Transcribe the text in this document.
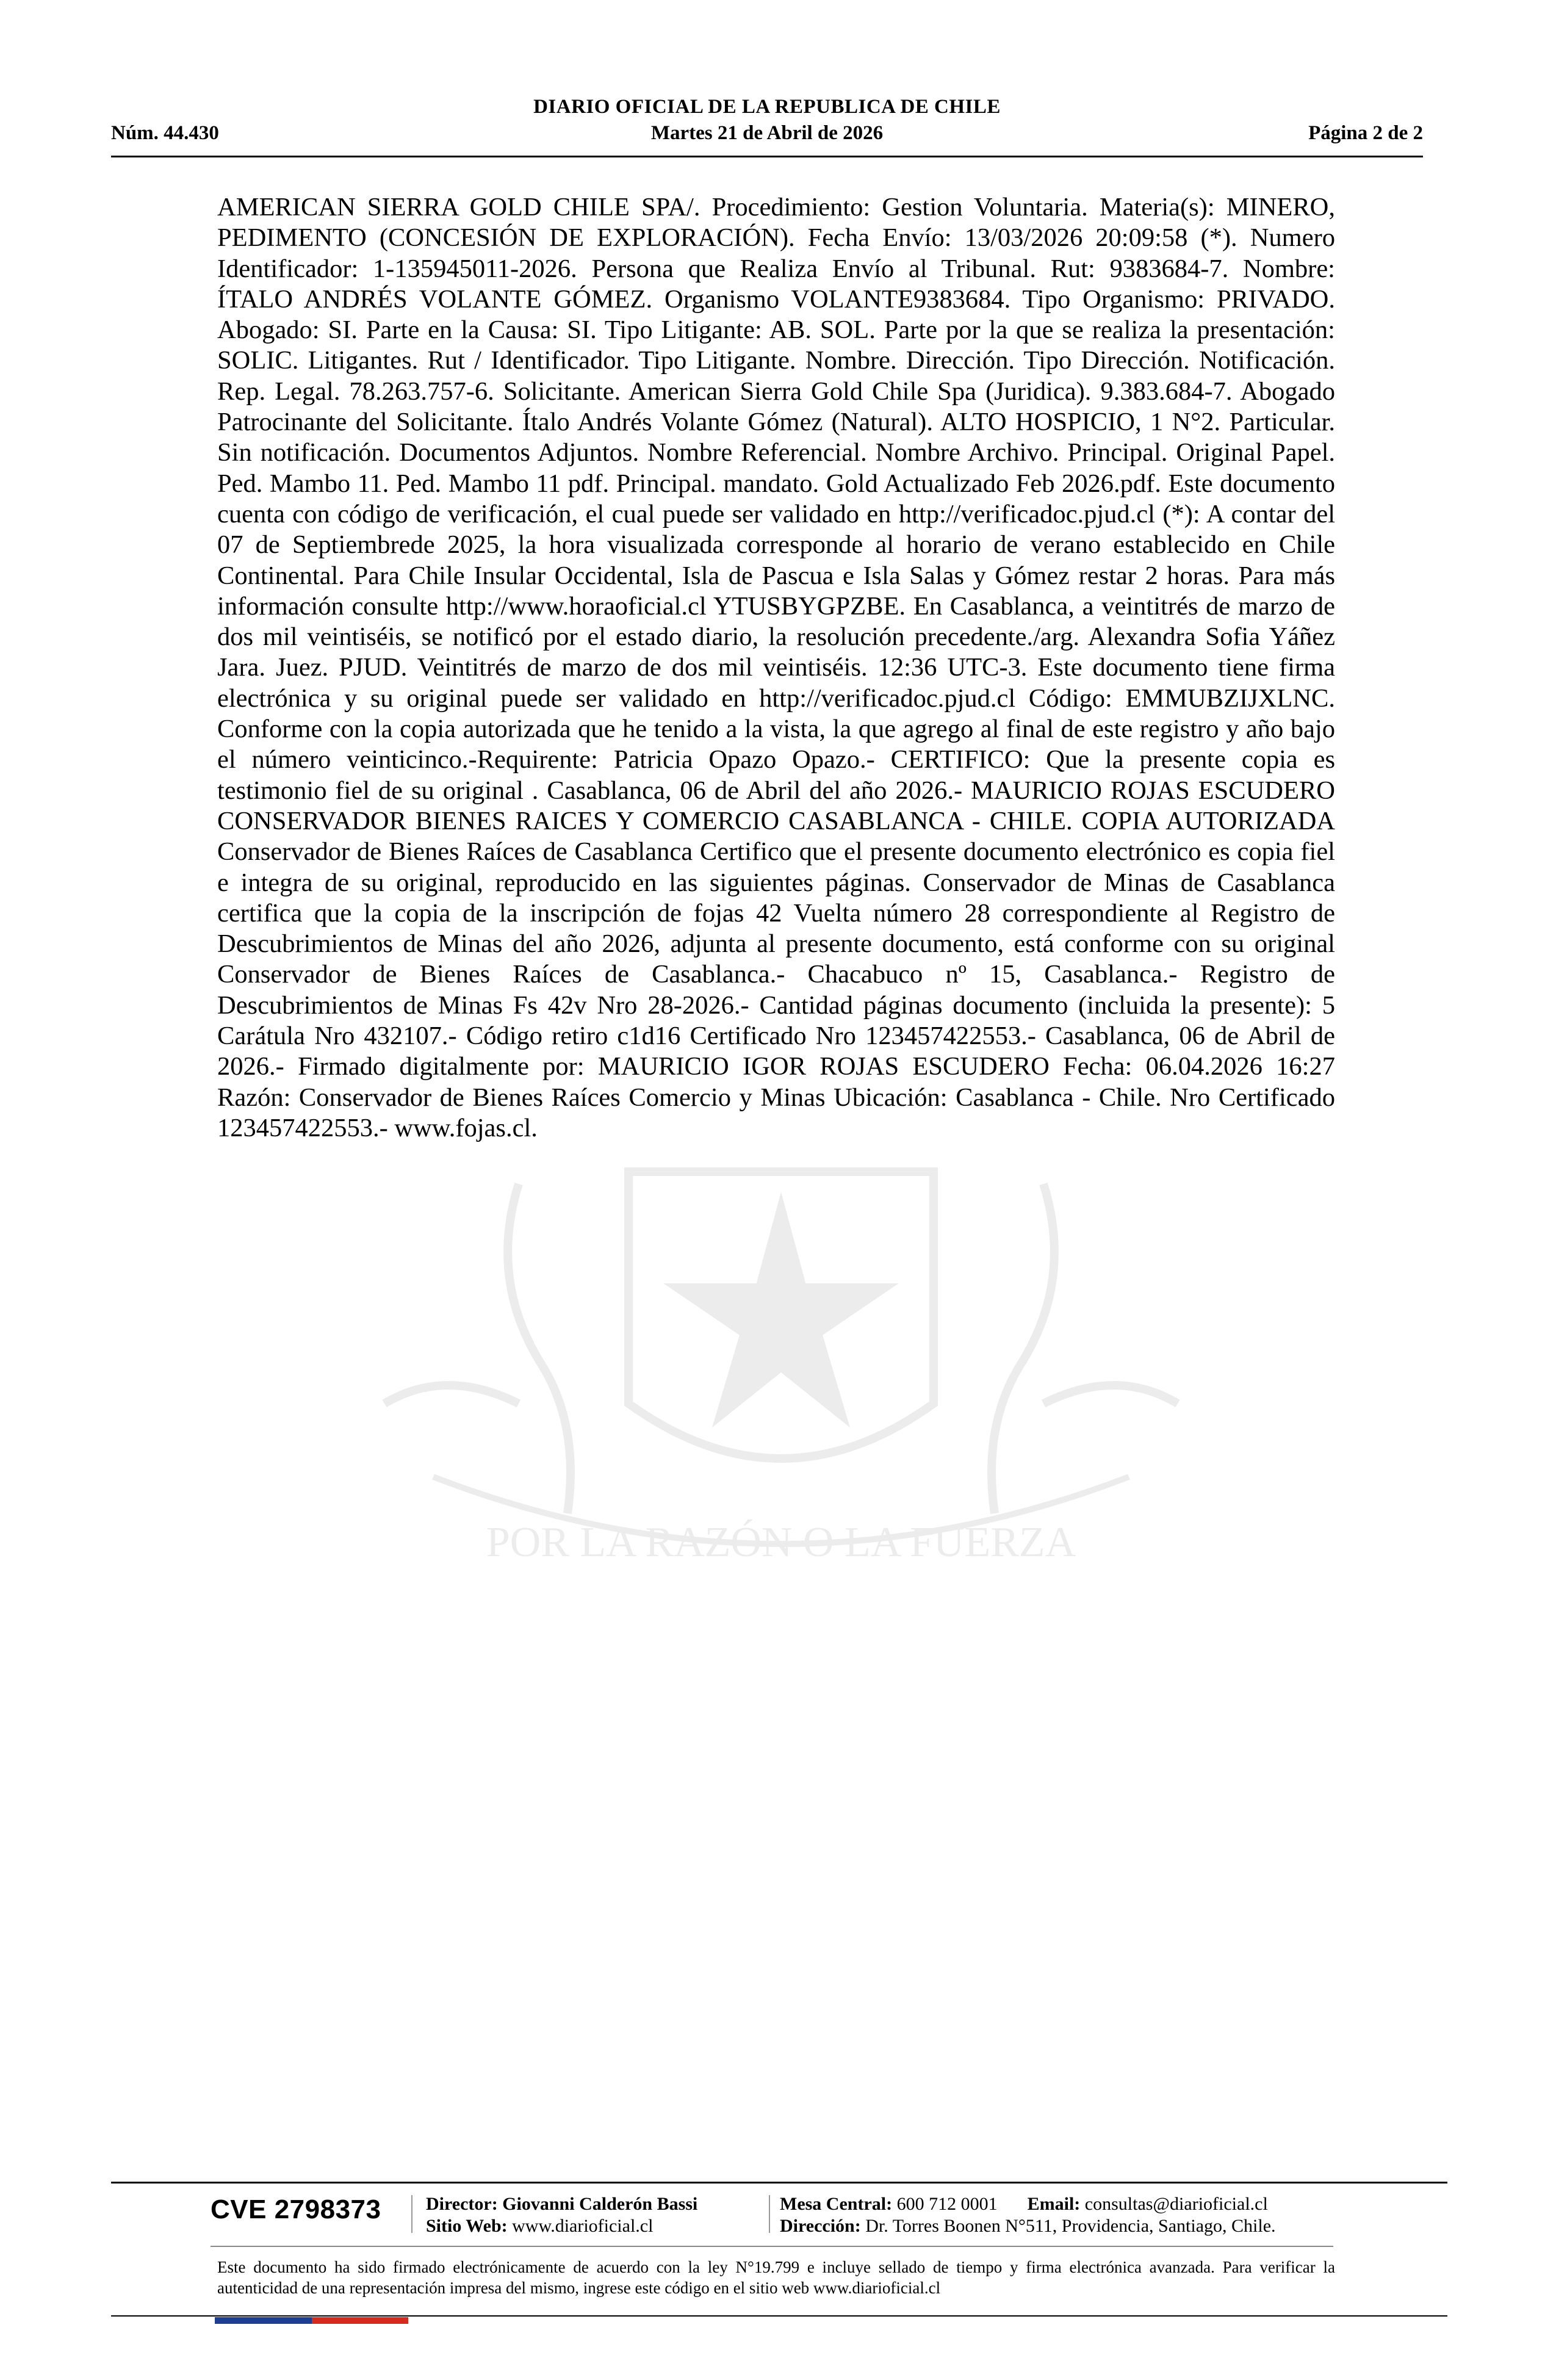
DIARIO OFICIAL DE LA REPUBLICA DE CHILE
Núm. 44.430	Martes 21 de Abril de 2026	Página 2 de 2
POR LA RAZÓN O LA FUERZA
AMERICAN SIERRA GOLD CHILE SPA/. Procedimiento: Gestion Voluntaria. Materia(s): MINERO, PEDIMENTO (CONCESIÓN DE EXPLORACIÓN). Fecha Envío: 13/03/2026 20:09:58 (*). Numero Identificador: 1-135945011-2026. Persona que Realiza Envío al Tribunal. Rut: 9383684-7. Nombre: ÍTALO ANDRÉS VOLANTE GÓMEZ. Organismo VOLANTE9383684. Tipo Organismo: PRIVADO. Abogado: SI. Parte en la Causa: SI. Tipo Litigante: AB. SOL. Parte por la que se realiza la presentación: SOLIC. Litigantes. Rut / Identificador. Tipo Litigante. Nombre. Dirección. Tipo Dirección. Notificación. Rep. Legal. 78.263.757-6. Solicitante. American Sierra Gold Chile Spa (Juridica). 9.383.684-7. Abogado Patrocinante del Solicitante. Ítalo Andrés Volante Gómez (Natural). ALTO HOSPICIO, 1 N°2. Particular. Sin notificación. Documentos Adjuntos. Nombre Referencial. Nombre Archivo. Principal. Original Papel. Ped. Mambo 11. Ped. Mambo 11 pdf. Principal. mandato. Gold Actualizado Feb 2026.pdf. Este documento cuenta con código de verificación, el cual puede ser validado en http://verificadoc.pjud.cl (*): A contar del 07 de Septiembrede 2025, la hora visualizada corresponde al horario de verano establecido en Chile Continental. Para Chile Insular Occidental, Isla de Pascua e Isla Salas y Gómez restar 2 horas. Para más información consulte http://www.horaoficial.cl YTUSBYGPZBE. En Casablanca, a veintitrés de marzo de dos mil veintiséis, se notificó por el estado diario, la resolución precedente./arg. Alexandra Sofia Yáñez Jara. Juez. PJUD. Veintitrés de marzo de dos mil veintiséis. 12:36 UTC-3. Este documento tiene firma electrónica y su original puede ser validado en http://verificadoc.pjud.cl Código: EMMUBZIJXLNC. Conforme con la copia autorizada que he tenido a la vista, la que agrego al final de este registro y año bajo el número veinticinco.-Requirente: Patricia Opazo Opazo.- CERTIFICO: Que la presente copia es testimonio fiel de su original . Casablanca, 06 de Abril del año 2026.- MAURICIO ROJAS ESCUDERO CONSERVADOR BIENES RAICES Y COMERCIO CASABLANCA - CHILE. COPIA AUTORIZADA Conservador de Bienes Raíces de Casablanca Certifico que el presente documento electrónico es copia fiel e integra de su original, reproducido en las siguientes páginas. Conservador de Minas de Casablanca certifica que la copia de la inscripción de fojas 42 Vuelta número 28 correspondiente al Registro de Descubrimientos de Minas del año 2026, adjunta al presente documento, está conforme con su original Conservador de Bienes Raíces de Casablanca.- Chacabuco nº 15, Casablanca.- Registro de Descubrimientos de Minas Fs 42v Nro 28-2026.- Cantidad páginas documento (incluida la presente): 5 Carátula Nro 432107.- Código retiro c1d16 Certificado Nro 123457422553.- Casablanca, 06 de Abril de 2026.- Firmado digitalmente por: MAURICIO IGOR ROJAS ESCUDERO Fecha: 06.04.2026 16:27 Razón: Conservador de Bienes Raíces Comercio y Minas Ubicación: Casablanca - Chile. Nro Certificado 123457422553.- www.fojas.cl.
CVE 2798373 Director: Giovanni Calderón Bassi
Sitio Web: www.diarioficial.cl
Mesa Central: 600 712 0001 Email: consultas@diarioficial.cl
Dirección: Dr. Torres Boonen N°511, Providencia, Santiago, Chile.
Este documento ha sido firmado electrónicamente de acuerdo con la ley N°19.799 e incluye sellado de tiempo y firma electrónica avanzada. Para verificar la autenticidad de una representación impresa del mismo, ingrese este código en el sitio web www.diarioficial.cl
